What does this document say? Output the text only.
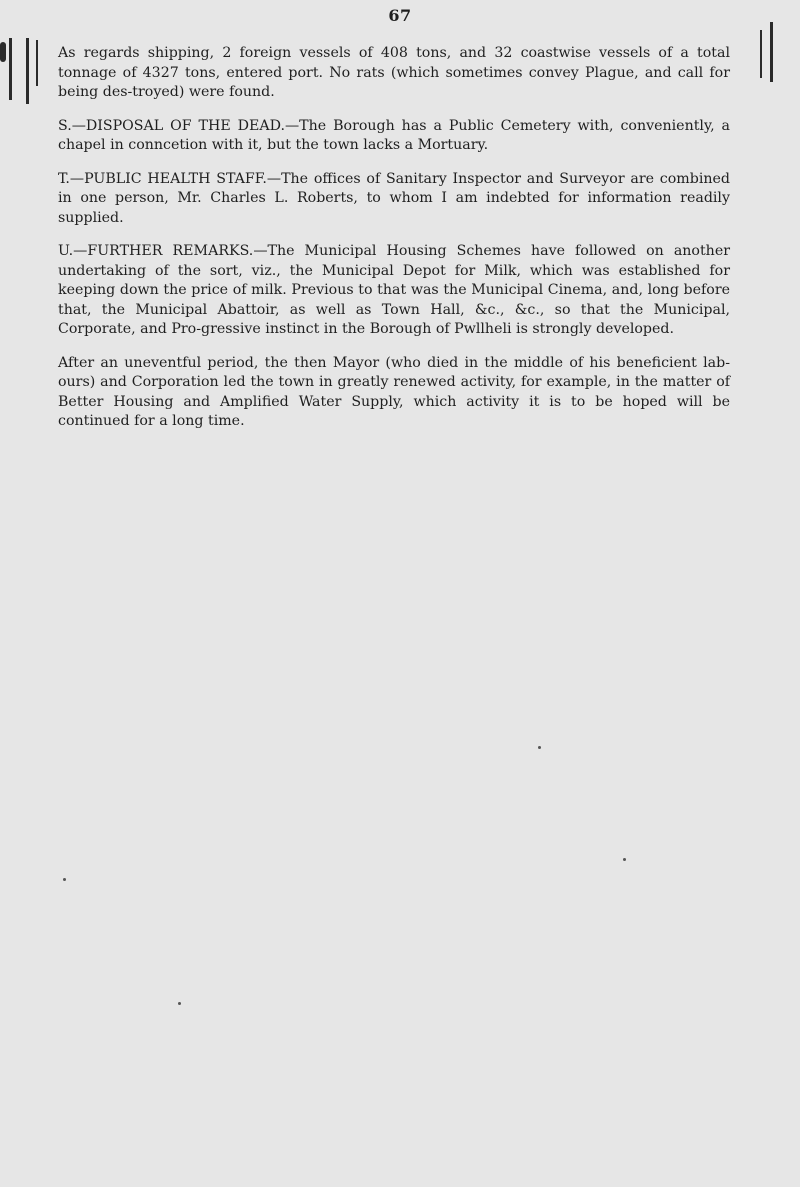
67

As regards shipping, 2 foreign vessels of 408 tons, and 32 coastwise vessels of a total tonnage of 4327 tons, entered port. No rats (which sometimes convey Plague, and call for being des-troyed) were found.

S.—DISPOSAL OF THE DEAD.—The Borough has a Public Cemetery with, conveniently, a chapel in conncetion with it, but the town lacks a Mortuary.

T.—PUBLIC HEALTH STAFF.—The offices of Sanitary Inspector and Surveyor are combined in one person, Mr. Charles L. Roberts, to whom I am indebted for information readily supplied.

U.—FURTHER REMARKS.—The Municipal Housing Schemes have followed on another undertaking of the sort, viz., the Municipal Depot for Milk, which was established for keeping down the price of milk. Previous to that was the Municipal Cinema, and, long before that, the Municipal Abattoir, as well as Town Hall, &c., &c., so that the Municipal, Corporate, and Pro-gressive instinct in the Borough of Pwllheli is strongly developed.

After an uneventful period, the then Mayor (who died in the middle of his beneficient lab-ours) and Corporation led the town in greatly renewed activity, for example, in the matter of Better Housing and Amplified Water Supply, which activity it is to be hoped will be continued for a long time.
